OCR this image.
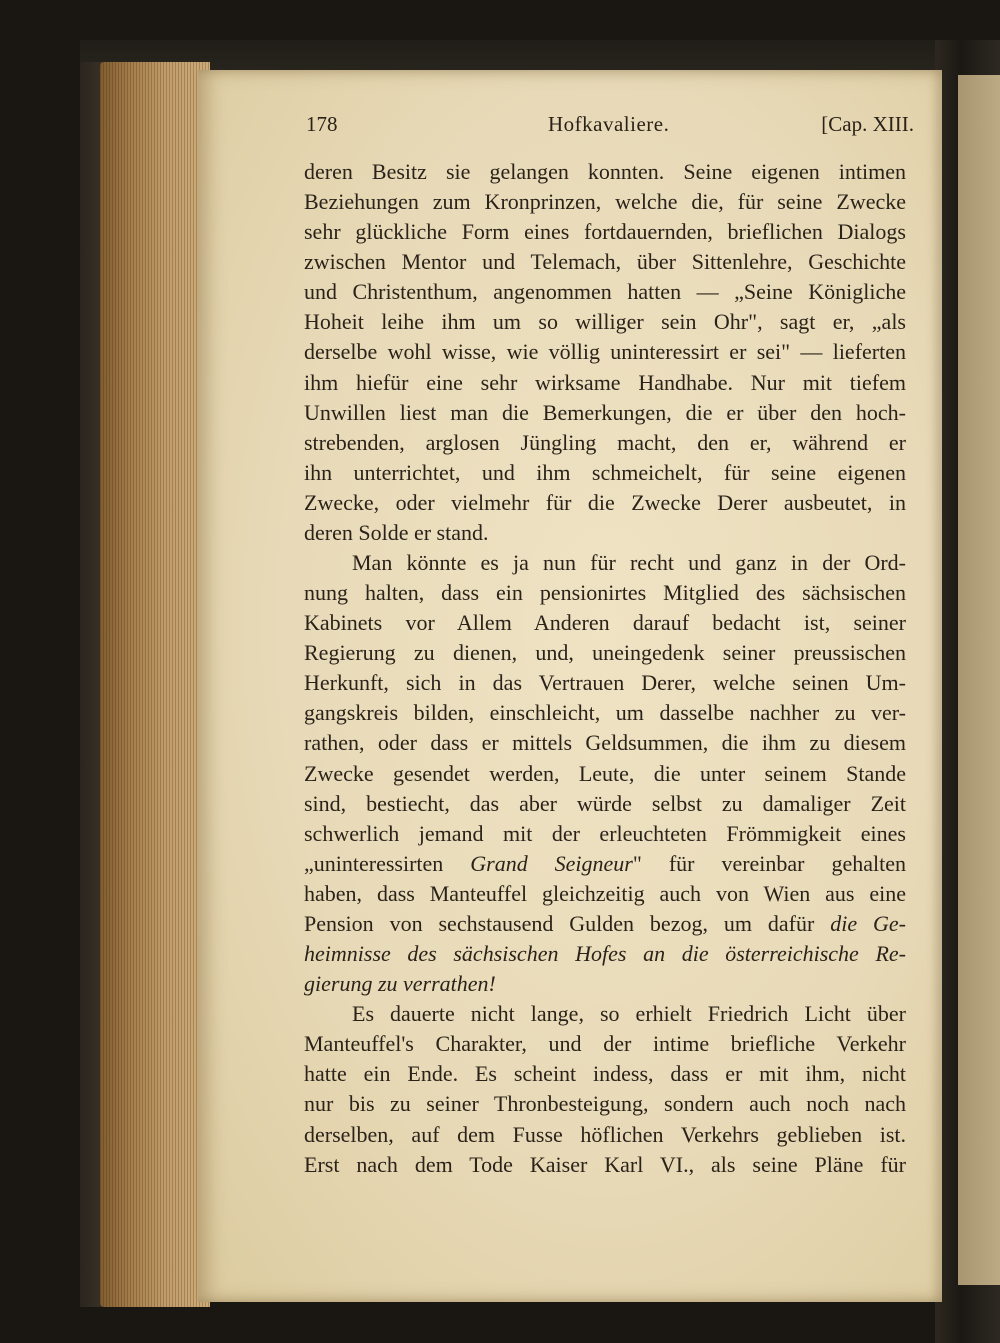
178	Hofkavaliere.	[Cap. XIII.
deren Besitz sie gelangen konnten. Seine eigenen intimen
Beziehungen zum Kronprinzen, welche die, für seine Zwecke
sehr glückliche Form eines fortdauernden, brieflichen Dialogs
zwischen Mentor und Telemach, über Sittenlehre, Geschichte
und Christenthum, angenommen hatten — „Seine Königliche
Hoheit leihe ihm um so williger sein Ohr", sagt er, „als
derselbe wohl wisse, wie völlig uninteressirt er sei" — lieferten
ihm hiefür eine sehr wirksame Handhabe. Nur mit tiefem
Unwillen liest man die Bemerkungen, die er über den hoch-
strebenden, arglosen Jüngling macht, den er, während er
ihn unterrichtet, und ihm schmeichelt, für seine eigenen
Zwecke, oder vielmehr für die Zwecke Derer ausbeutet, in
deren Solde er stand.
Man könnte es ja nun für recht und ganz in der Ord-
nung halten, dass ein pensionirtes Mitglied des sächsischen
Kabinets vor Allem Anderen darauf bedacht ist, seiner
Regierung zu dienen, und, uneingedenk seiner preussischen
Herkunft, sich in das Vertrauen Derer, welche seinen Um-
gangskreis bilden, einschleicht, um dasselbe nachher zu ver-
rathen, oder dass er mittels Geldsummen, die ihm zu diesem
Zwecke gesendet werden, Leute, die unter seinem Stande
sind, bestiecht, das aber würde selbst zu damaliger Zeit
schwerlich jemand mit der erleuchteten Frömmigkeit eines
„uninteressirten Grand Seigneur" für vereinbar gehalten
haben, dass Manteuffel gleichzeitig auch von Wien aus eine
Pension von sechstausend Gulden bezog, um dafür die Ge-
heimnisse des sächsischen Hofes an die österreichische Re-
gierung zu verrathen!
Es dauerte nicht lange, so erhielt Friedrich Licht über
Manteuffel's Charakter, und der intime briefliche Verkehr
hatte ein Ende. Es scheint indess, dass er mit ihm, nicht
nur bis zu seiner Thronbesteigung, sondern auch noch nach
derselben, auf dem Fusse höflichen Verkehrs geblieben ist.
Erst nach dem Tode Kaiser Karl VI., als seine Pläne für
